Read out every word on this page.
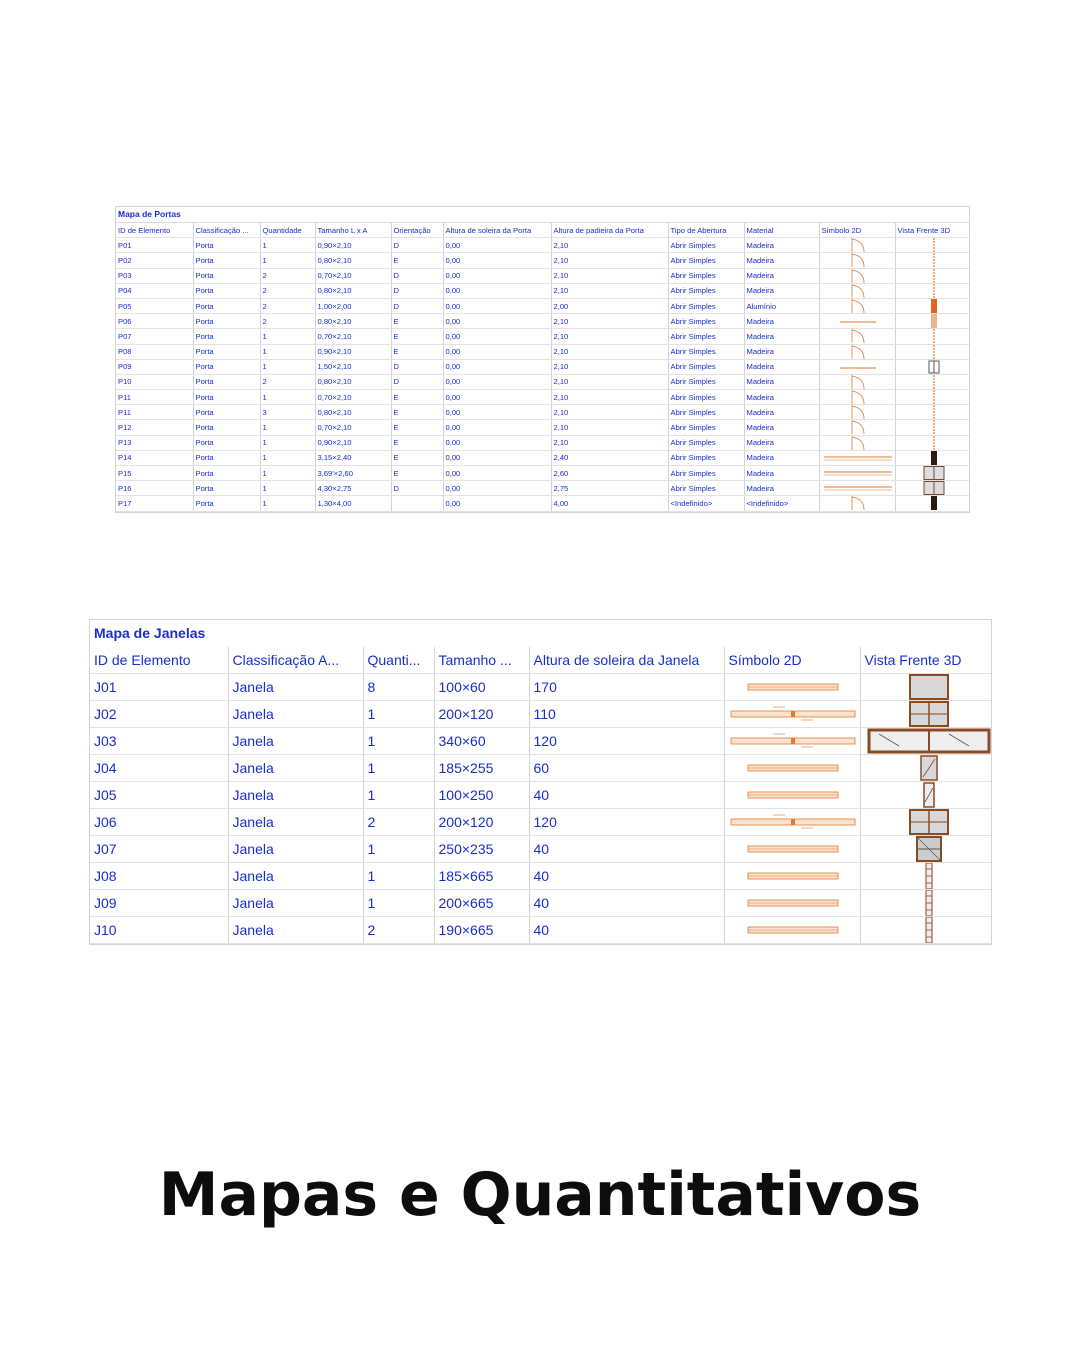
Mapa de Portas
ID de Elemento	Classificação ...	Quantidade	Tamanho L x A	Orientação	Altura de soleira da Porta	Altura de padieira da Porta	Tipo de Abertura	Material	Símbolo 2D	Vista Frente 3D
P01	Porta	1	0,90×2,10	D	0,00	2,10	Abrir Simples	Madeira	

P02	Porta	1	0,80×2,10	E	0,00	2,10	Abrir Simples	Madeira	

P03	Porta	2	0,70×2,10	D	0,00	2,10	Abrir Simples	Madeira	

P04	Porta	2	0,80×2,10	D	0,00	2,10	Abrir Simples	Madeira	

P05	Porta	2	1,00×2,00	D	0,00	2,00	Abrir Simples	Alumínio	

P06	Porta	2	0,80×2,10	E	0,00	2,10	Abrir Simples	Madeira	

P07	Porta	1	0,70×2,10	E	0,00	2,10	Abrir Simples	Madeira	

P08	Porta	1	0,90×2,10	E	0,00	2,10	Abrir Simples	Madeira	

P09	Porta	1	1,50×2,10	D	0,00	2,10	Abrir Simples	Madeira	

P10	Porta	2	0,80×2,10	D	0,00	2,10	Abrir Simples	Madeira	

P11	Porta	1	0,70×2,10	E	0,00	2,10	Abrir Simples	Madeira	

P11	Porta	3	0,80×2,10	E	0,00	2,10	Abrir Simples	Madeira	

P12	Porta	1	0,70×2,10	E	0,00	2,10	Abrir Simples	Madeira	

P13	Porta	1	0,90×2,10	E	0,00	2,10	Abrir Simples	Madeira	

P14	Porta	1	3,15×2,40	E	0,00	2,40	Abrir Simples	Madeira	

P15	Porta	1	3,69'×2,60	E	0,00	2,60	Abrir Simples	Madeira	

P16	Porta	1	4,30×2,75	D	0,00	2,75	Abrir Simples	Madeira	

P17	Porta	1	1,30×4,00		0,00	4,00	<Indefinido>	<Indefinido>	

Mapa de Janelas
ID de Elemento	Classificação A...	Quanti...	Tamanho ...	Altura de soleira da Janela	Símbolo 2D	Vista Frente 3D
J01	Janela	8	100×60	170	

J02	Janela	1	200×120	110	

J03	Janela	1	340×60	120	

J04	Janela	1	185×255	60	

J05	Janela	1	100×250	40	

J06	Janela	2	200×120	120	

J07	Janela	1	250×235	40	

J08	Janela	1	185×665	40	

J09	Janela	1	200×665	40	

J10	Janela	2	190×665	40	

Mapas e Quantitativos
